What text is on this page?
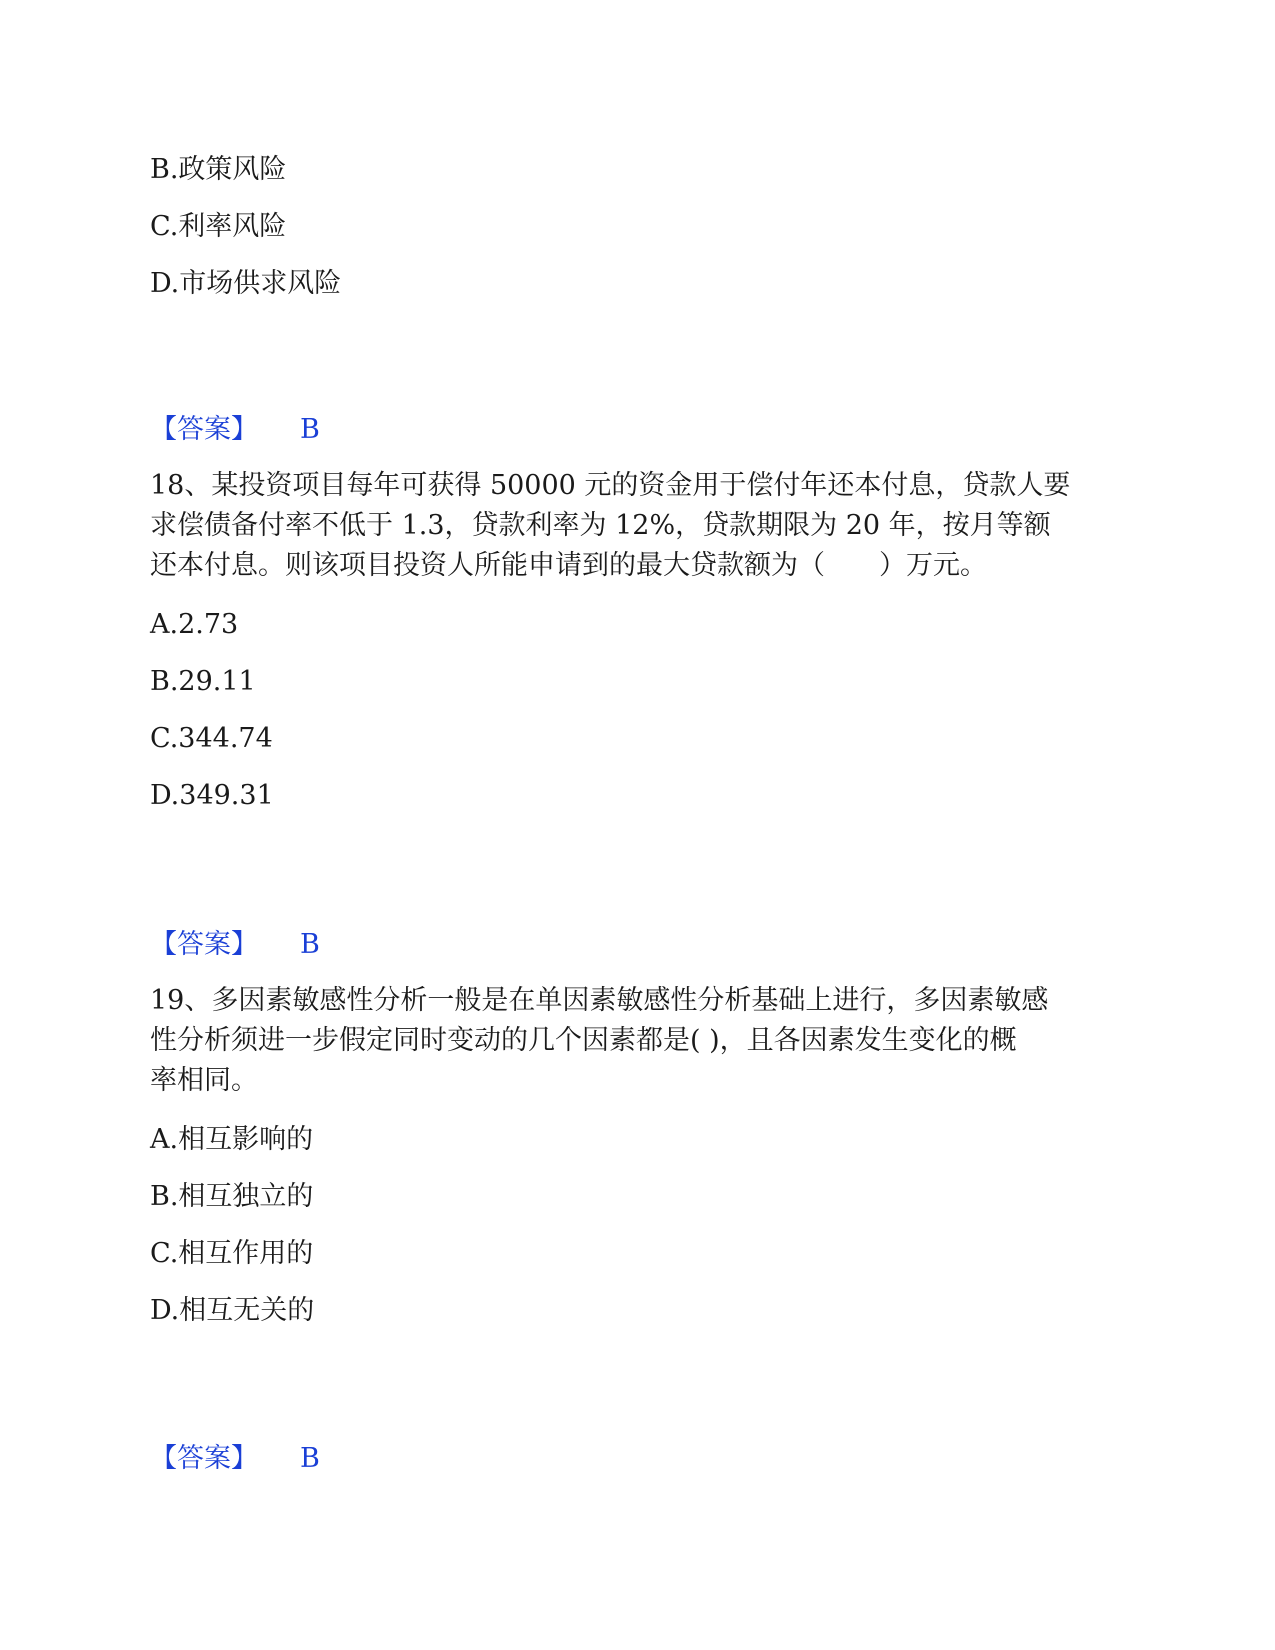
B.政策风险
C.利率风险
D.市场供求风险
【答案】 B
18、某投资项目每年可获得 50000 元的资金用于偿付年还本付息，贷款人要
求偿债备付率不低于 1.3，贷款利率为 12%，贷款期限为 20 年，按月等额
还本付息。则该项目投资人所能申请到的最大贷款额为（　　）万元。
A.2.73
B.29.11
C.344.74
D.349.31
【答案】 B
19、多因素敏感性分析一般是在单因素敏感性分析基础上进行，多因素敏感
性分析须进一步假定同时变动的几个因素都是( )，且各因素发生变化的概
率相同。
A.相互影响的
B.相互独立的
C.相互作用的
D.相互无关的
【答案】 B
